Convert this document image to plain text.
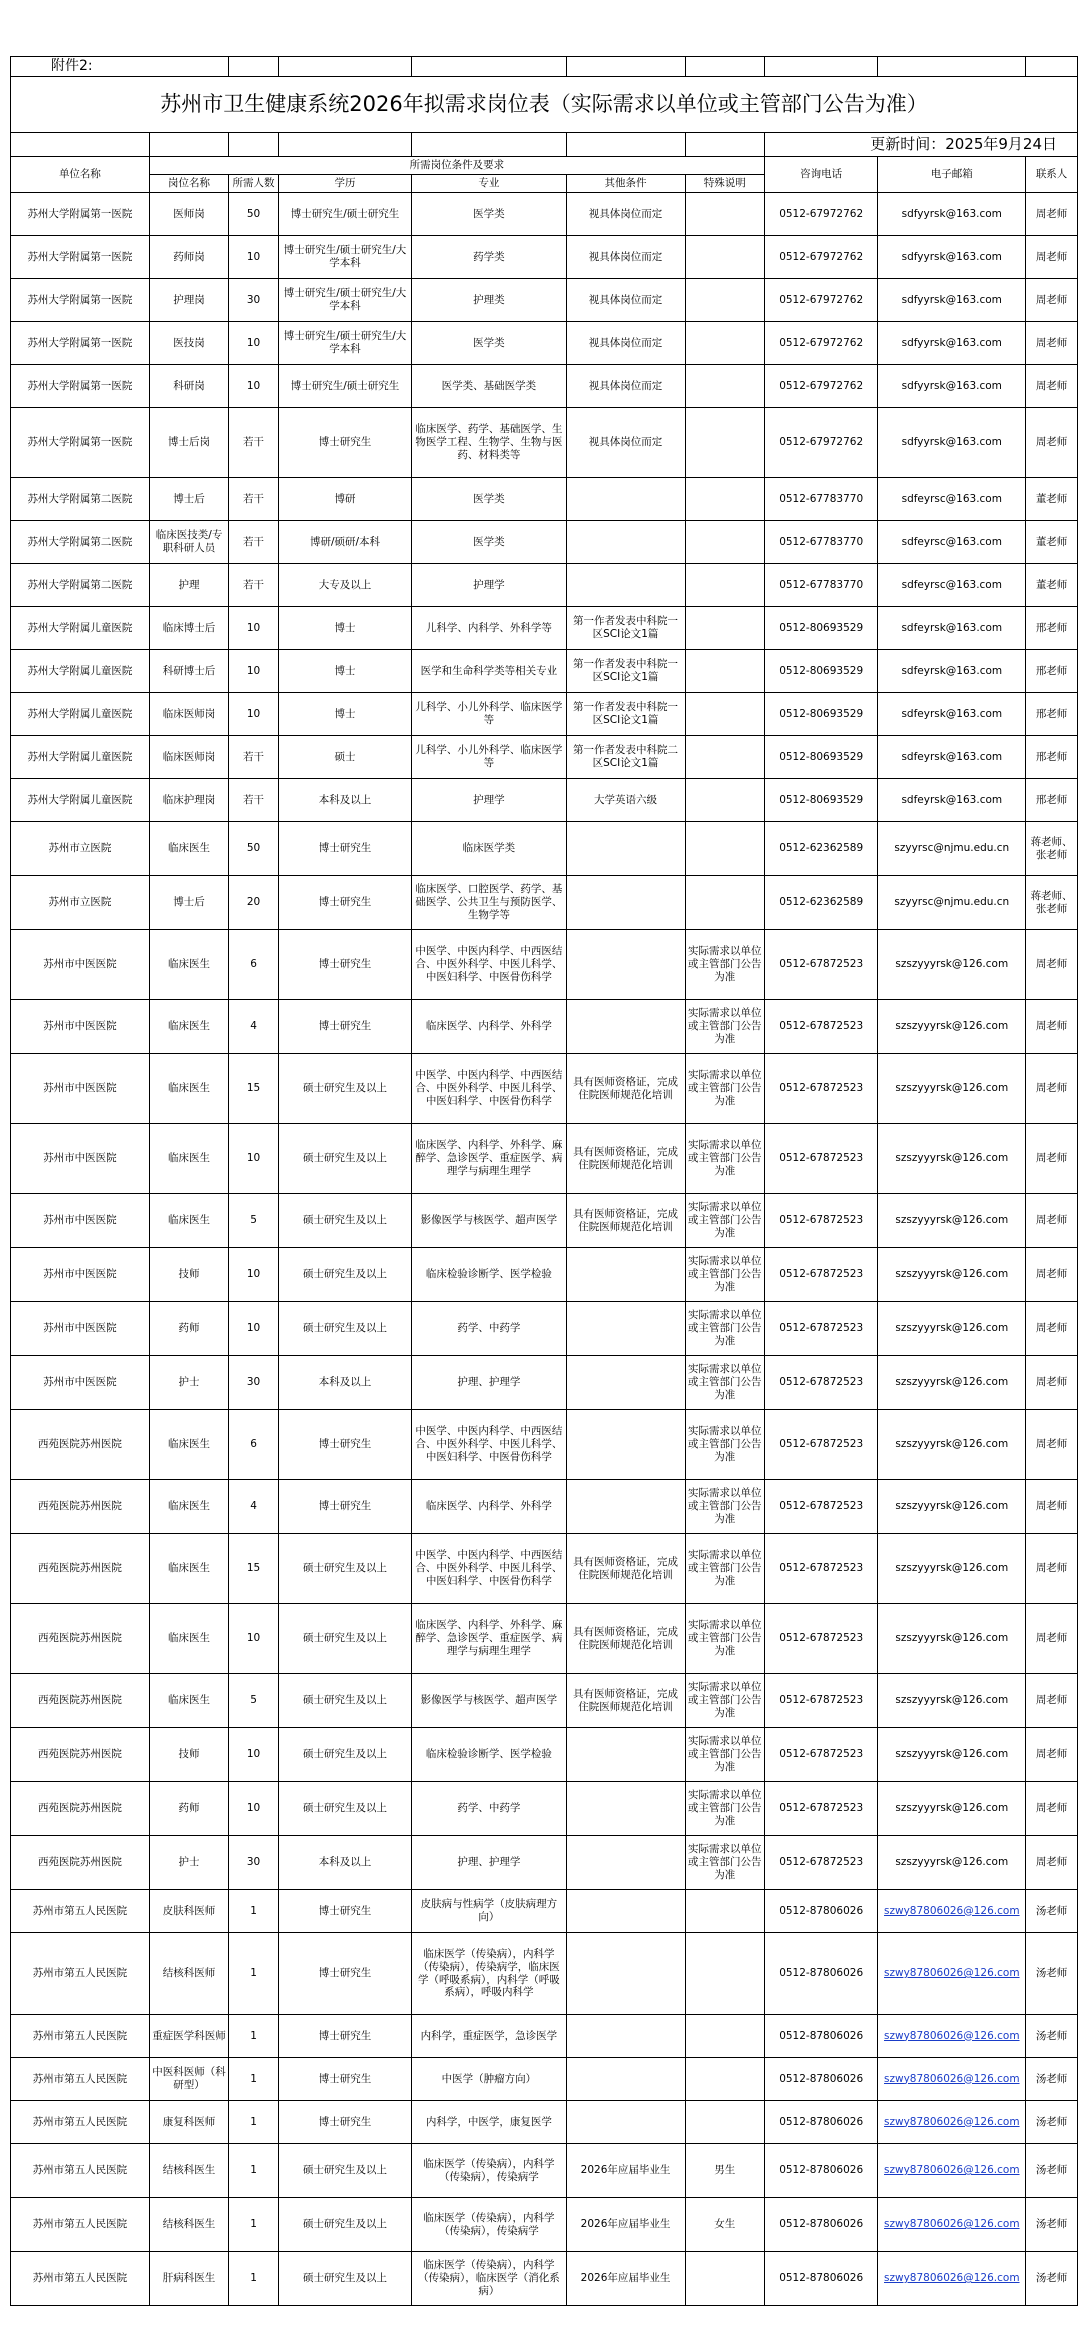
附件2:									
苏州市卫生健康系统2026年拟需求岗位表（实际需求以单位或主管部门公告为准）									
							更新时间：2025年9月24日		
单位名称	所需岗位条件及要求						咨询电话	电子邮箱	联系人
	岗位名称	所需人数	学历	专业	其他条件	特殊说明			
苏州大学附属第一医院	医师岗	50	博士研究生/硕士研究生	医学类	视具体岗位而定		0512-67972762	sdfyyrsk@163.com	周老师
苏州大学附属第一医院	药师岗	10	博士研究生/硕士研究生/大学本科	药学类	视具体岗位而定		0512-67972762	sdfyyrsk@163.com	周老师
苏州大学附属第一医院	护理岗	30	博士研究生/硕士研究生/大学本科	护理类	视具体岗位而定		0512-67972762	sdfyyrsk@163.com	周老师
苏州大学附属第一医院	医技岗	10	博士研究生/硕士研究生/大学本科	医学类	视具体岗位而定		0512-67972762	sdfyyrsk@163.com	周老师
苏州大学附属第一医院	科研岗	10	博士研究生/硕士研究生	医学类、基础医学类	视具体岗位而定		0512-67972762	sdfyyrsk@163.com	周老师
苏州大学附属第一医院	博士后岗	若干	博士研究生	临床医学、药学、基础医学、生物医学工程、生物学、生物与医药、材料类等	视具体岗位而定		0512-67972762	sdfyyrsk@163.com	周老师
苏州大学附属第二医院	博士后	若干	博研	医学类			0512-67783770	sdfeyrsc@163.com	董老师
苏州大学附属第二医院	临床医技类/专职科研人员	若干	博研/硕研/本科	医学类			0512-67783770	sdfeyrsc@163.com	董老师
苏州大学附属第二医院	护理	若干	大专及以上	护理学			0512-67783770	sdfeyrsc@163.com	董老师
苏州大学附属儿童医院	临床博士后	10	博士	儿科学、内科学、外科学等	第一作者发表中科院一区SCI论文1篇		0512-80693529	sdfeyrsk@163.com	邢老师
苏州大学附属儿童医院	科研博士后	10	博士	医学和生命科学类等相关专业	第一作者发表中科院一区SCI论文1篇		0512-80693529	sdfeyrsk@163.com	邢老师
苏州大学附属儿童医院	临床医师岗	10	博士	儿科学、小儿外科学、临床医学等	第一作者发表中科院一区SCI论文1篇		0512-80693529	sdfeyrsk@163.com	邢老师
苏州大学附属儿童医院	临床医师岗	若干	硕士	儿科学、小儿外科学、临床医学等	第一作者发表中科院二区SCI论文1篇		0512-80693529	sdfeyrsk@163.com	邢老师
苏州大学附属儿童医院	临床护理岗	若干	本科及以上	护理学	大学英语六级		0512-80693529	sdfeyrsk@163.com	邢老师
苏州市立医院	临床医生	50	博士研究生	临床医学类			0512-62362589	szyyrsc@njmu.edu.cn	蒋老师、张老师
苏州市立医院	博士后	20	博士研究生	临床医学、口腔医学、药学、基础医学、公共卫生与预防医学、生物学等			0512-62362589	szyyrsc@njmu.edu.cn	蒋老师、张老师
苏州市中医医院	临床医生	6	博士研究生	中医学、中医内科学、中西医结合、中医外科学、中医儿科学、中医妇科学、中医骨伤科学		实际需求以单位或主管部门公告为准	0512-67872523	szszyyyrsk@126.com	周老师
苏州市中医医院	临床医生	4	博士研究生	临床医学、内科学、外科学		实际需求以单位或主管部门公告为准	0512-67872523	szszyyyrsk@126.com	周老师
苏州市中医医院	临床医生	15	硕士研究生及以上	中医学、中医内科学、中西医结合、中医外科学、中医儿科学、中医妇科学、中医骨伤科学	具有医师资格证，完成住院医师规范化培训	实际需求以单位或主管部门公告为准	0512-67872523	szszyyyrsk@126.com	周老师
苏州市中医医院	临床医生	10	硕士研究生及以上	临床医学、内科学、外科学、麻醉学、急诊医学、重症医学、病理学与病理生理学	具有医师资格证，完成住院医师规范化培训	实际需求以单位或主管部门公告为准	0512-67872523	szszyyyrsk@126.com	周老师
苏州市中医医院	临床医生	5	硕士研究生及以上	影像医学与核医学、超声医学	具有医师资格证，完成住院医师规范化培训	实际需求以单位或主管部门公告为准	0512-67872523	szszyyyrsk@126.com	周老师
苏州市中医医院	技师	10	硕士研究生及以上	临床检验诊断学、医学检验		实际需求以单位或主管部门公告为准	0512-67872523	szszyyyrsk@126.com	周老师
苏州市中医医院	药师	10	硕士研究生及以上	药学、中药学		实际需求以单位或主管部门公告为准	0512-67872523	szszyyyrsk@126.com	周老师
苏州市中医医院	护士	30	本科及以上	护理、护理学		实际需求以单位或主管部门公告为准	0512-67872523	szszyyyrsk@126.com	周老师
西苑医院苏州医院	临床医生	6	博士研究生	中医学、中医内科学、中西医结合、中医外科学、中医儿科学、中医妇科学、中医骨伤科学		实际需求以单位或主管部门公告为准	0512-67872523	szszyyyrsk@126.com	周老师
西苑医院苏州医院	临床医生	4	博士研究生	临床医学、内科学、外科学		实际需求以单位或主管部门公告为准	0512-67872523	szszyyyrsk@126.com	周老师
西苑医院苏州医院	临床医生	15	硕士研究生及以上	中医学、中医内科学、中西医结合、中医外科学、中医儿科学、中医妇科学、中医骨伤科学	具有医师资格证，完成住院医师规范化培训	实际需求以单位或主管部门公告为准	0512-67872523	szszyyyrsk@126.com	周老师
西苑医院苏州医院	临床医生	10	硕士研究生及以上	临床医学、内科学、外科学、麻醉学、急诊医学、重症医学、病理学与病理生理学	具有医师资格证，完成住院医师规范化培训	实际需求以单位或主管部门公告为准	0512-67872523	szszyyyrsk@126.com	周老师
西苑医院苏州医院	临床医生	5	硕士研究生及以上	影像医学与核医学、超声医学	具有医师资格证，完成住院医师规范化培训	实际需求以单位或主管部门公告为准	0512-67872523	szszyyyrsk@126.com	周老师
西苑医院苏州医院	技师	10	硕士研究生及以上	临床检验诊断学、医学检验		实际需求以单位或主管部门公告为准	0512-67872523	szszyyyrsk@126.com	周老师
西苑医院苏州医院	药师	10	硕士研究生及以上	药学、中药学		实际需求以单位或主管部门公告为准	0512-67872523	szszyyyrsk@126.com	周老师
西苑医院苏州医院	护士	30	本科及以上	护理、护理学		实际需求以单位或主管部门公告为准	0512-67872523	szszyyyrsk@126.com	周老师
苏州市第五人民医院	皮肤科医师	1	博士研究生	皮肤病与性病学（皮肤病理方向）			0512-87806026	szwy87806026@126.com	汤老师
苏州市第五人民医院	结核科医师	1	博士研究生	临床医学（传染病），内科学（传染病），传染病学，临床医学（呼吸系病），内科学（呼吸系病），呼吸内科学			0512-87806026	szwy87806026@126.com	汤老师
苏州市第五人民医院	重症医学科医师	1	博士研究生	内科学，重症医学，急诊医学			0512-87806026	szwy87806026@126.com	汤老师
苏州市第五人民医院	中医科医师（科研型）	1	博士研究生	中医学（肿瘤方向）			0512-87806026	szwy87806026@126.com	汤老师
苏州市第五人民医院	康复科医师	1	博士研究生	内科学，中医学，康复医学			0512-87806026	szwy87806026@126.com	汤老师
苏州市第五人民医院	结核科医生	1	硕士研究生及以上	临床医学（传染病），内科学（传染病），传染病学	2026年应届毕业生	男生	0512-87806026	szwy87806026@126.com	汤老师
苏州市第五人民医院	结核科医生	1	硕士研究生及以上	临床医学（传染病），内科学（传染病），传染病学	2026年应届毕业生	女生	0512-87806026	szwy87806026@126.com	汤老师
苏州市第五人民医院	肝病科医生	1	硕士研究生及以上	临床医学（传染病），内科学（传染病），临床医学（消化系病）	2026年应届毕业生		0512-87806026	szwy87806026@126.com	汤老师
